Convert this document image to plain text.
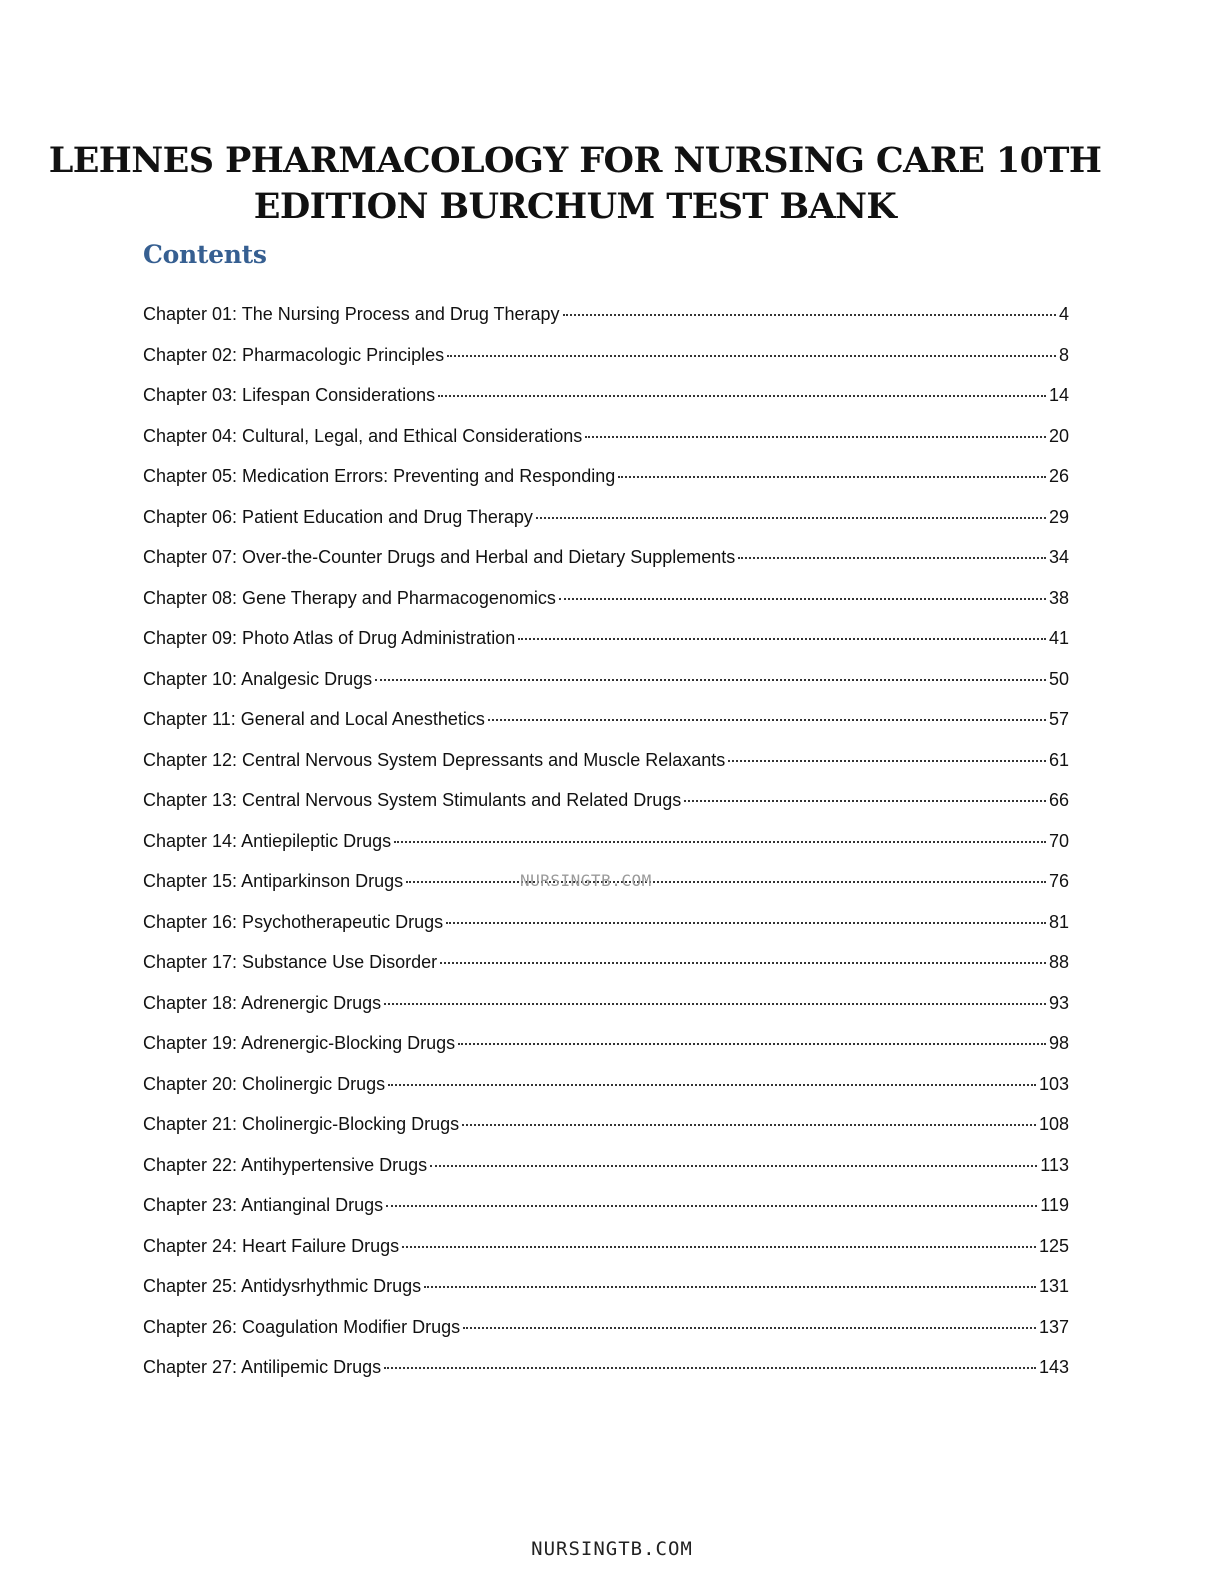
LEHNES PHARMACOLOGY FOR NURSING CARE 10TH
EDITION BURCHUM TEST BANK
Contents
Chapter 01: The Nursing Process and Drug Therapy	4
Chapter 02: Pharmacologic Principles	8
Chapter 03: Lifespan Considerations	14
Chapter 04: Cultural, Legal, and Ethical Considerations	20
Chapter 05: Medication Errors: Preventing and Responding	26
Chapter 06: Patient Education and Drug Therapy	29
Chapter 07: Over-the-Counter Drugs and Herbal and Dietary Supplements	34
Chapter 08: Gene Therapy and Pharmacogenomics	38
Chapter 09: Photo Atlas of Drug Administration	41
Chapter 10: Analgesic Drugs	50
Chapter 11: General and Local Anesthetics	57
Chapter 12: Central Nervous System Depressants and Muscle Relaxants	61
Chapter 13: Central Nervous System Stimulants and Related Drugs	66
Chapter 14: Antiepileptic Drugs	70
Chapter 15: Antiparkinson Drugs	76
Chapter 16: Psychotherapeutic Drugs	81
Chapter 17: Substance Use Disorder	88
Chapter 18: Adrenergic Drugs	93
Chapter 19: Adrenergic-Blocking Drugs	98
Chapter 20: Cholinergic Drugs	103
Chapter 21: Cholinergic-Blocking Drugs	108
Chapter 22: Antihypertensive Drugs	113
Chapter 23: Antianginal Drugs	119
Chapter 24: Heart Failure Drugs	125
Chapter 25: Antidysrhythmic Drugs	131
Chapter 26: Coagulation Modifier Drugs	137
Chapter 27: Antilipemic Drugs	143
NURSINGTB.COM
NURSINGTB.COM
